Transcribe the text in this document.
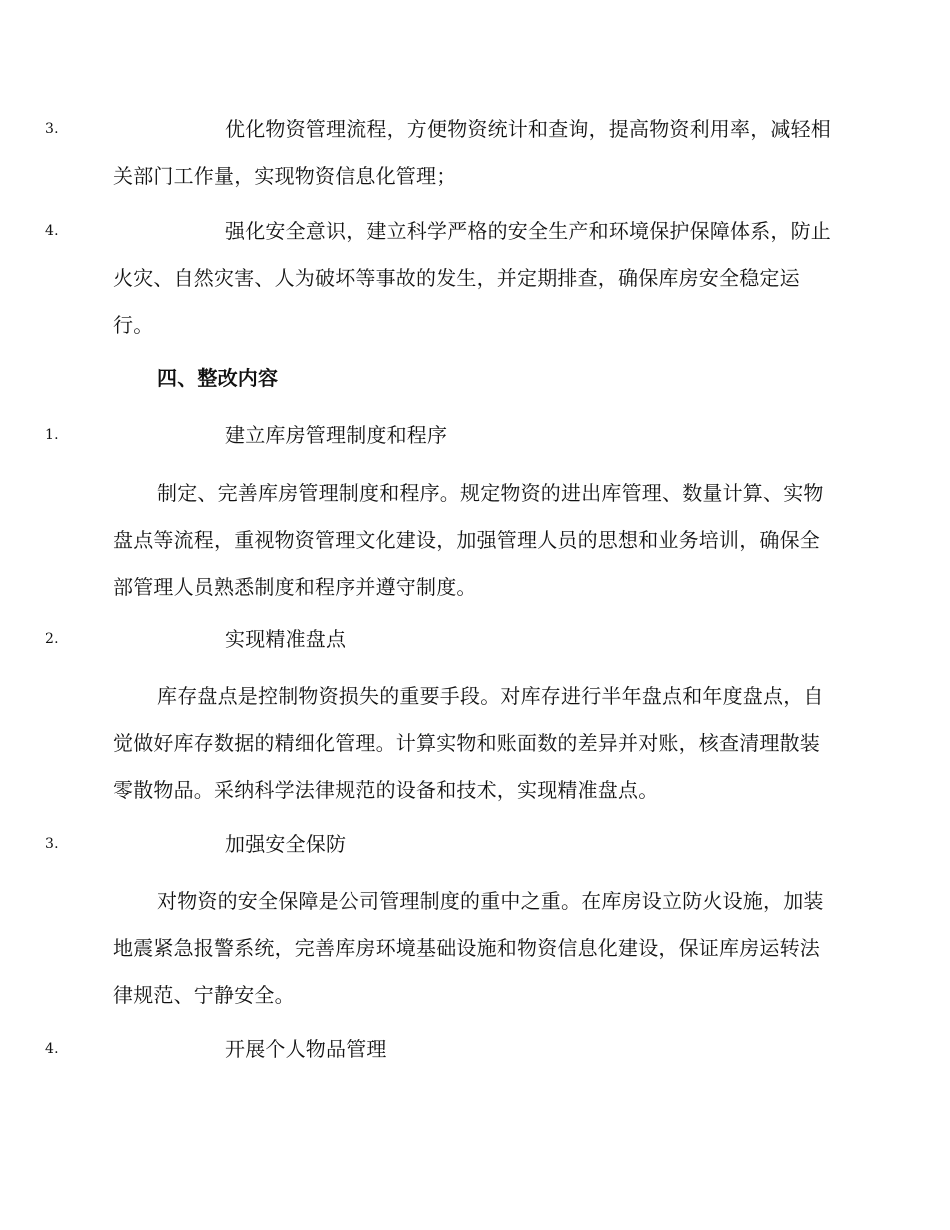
3.	优化物资管理流程，方便物资统计和查询，提高物资利用率，减轻相关部门工作量，实现物资信息化管理；
4.	强化安全意识，建立科学严格的安全生产和环境保护保障体系，防止火灾、自然灾害、人为破坏等事故的发生，并定期排查，确保库房安全稳定运行。
四、整改内容
1.	建立库房管理制度和程序
制定、完善库房管理制度和程序。规定物资的进出库管理、数量计算、实物盘点等流程，重视物资管理文化建设，加强管理人员的思想和业务培训，确保全部管理人员熟悉制度和程序并遵守制度。
2.	实现精准盘点
库存盘点是控制物资损失的重要手段。对库存进行半年盘点和年度盘点，自觉做好库存数据的精细化管理。计算实物和账面数的差异并对账，核查清理散装零散物品。采纳科学法律规范的设备和技术，实现精准盘点。
3.	加强安全保防
对物资的安全保障是公司管理制度的重中之重。在库房设立防火设施，加装地震紧急报警系统，完善库房环境基础设施和物资信息化建设，保证库房运转法律规范、宁静安全。
4.	开展个人物品管理
